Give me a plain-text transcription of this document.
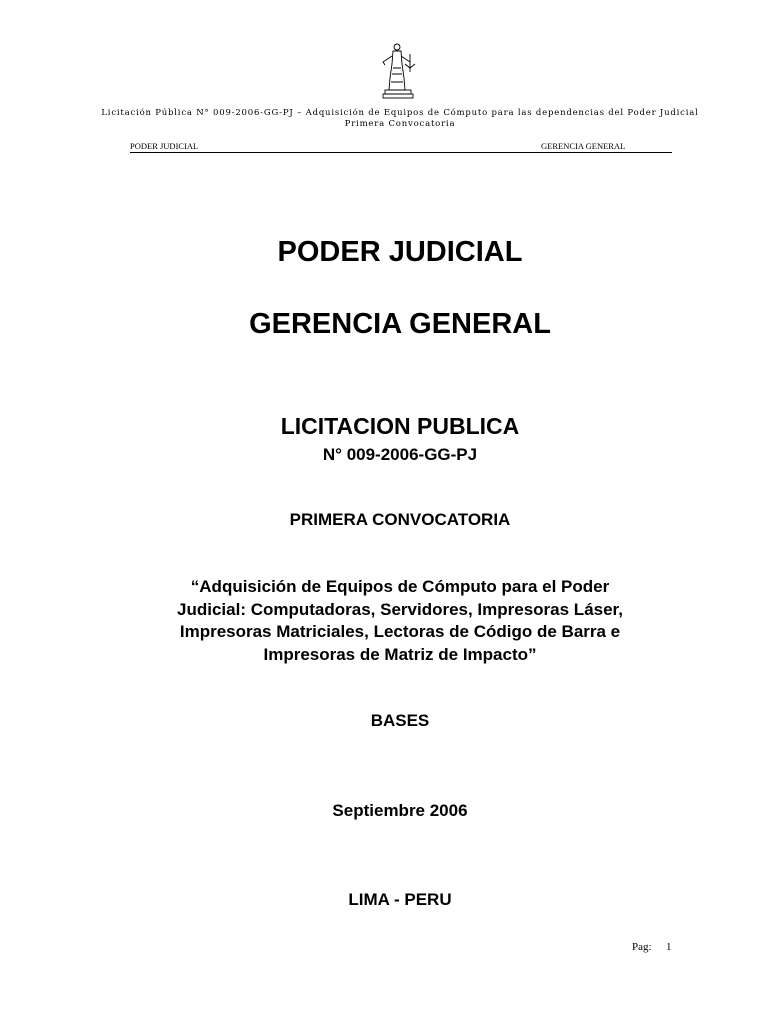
Licitación Pública N° 009-2006-GG-PJ – Adquisición de Equipos de Cómputo para las dependencias del Poder Judicial
Primera Convocatoria
PODER JUDICIAL	GERENCIA GENERAL
PODER JUDICIAL
GERENCIA GENERAL
LICITACION PUBLICA
N° 009-2006-GG-PJ
PRIMERA CONVOCATORIA
“Adquisición de Equipos de Cómputo para el Poder
Judicial: Computadoras, Servidores, Impresoras Láser,
Impresoras Matriciales, Lectoras de Código de Barra e
Impresoras de Matriz de Impacto”
BASES
Septiembre 2006
LIMA - PERU
Pag: 1
